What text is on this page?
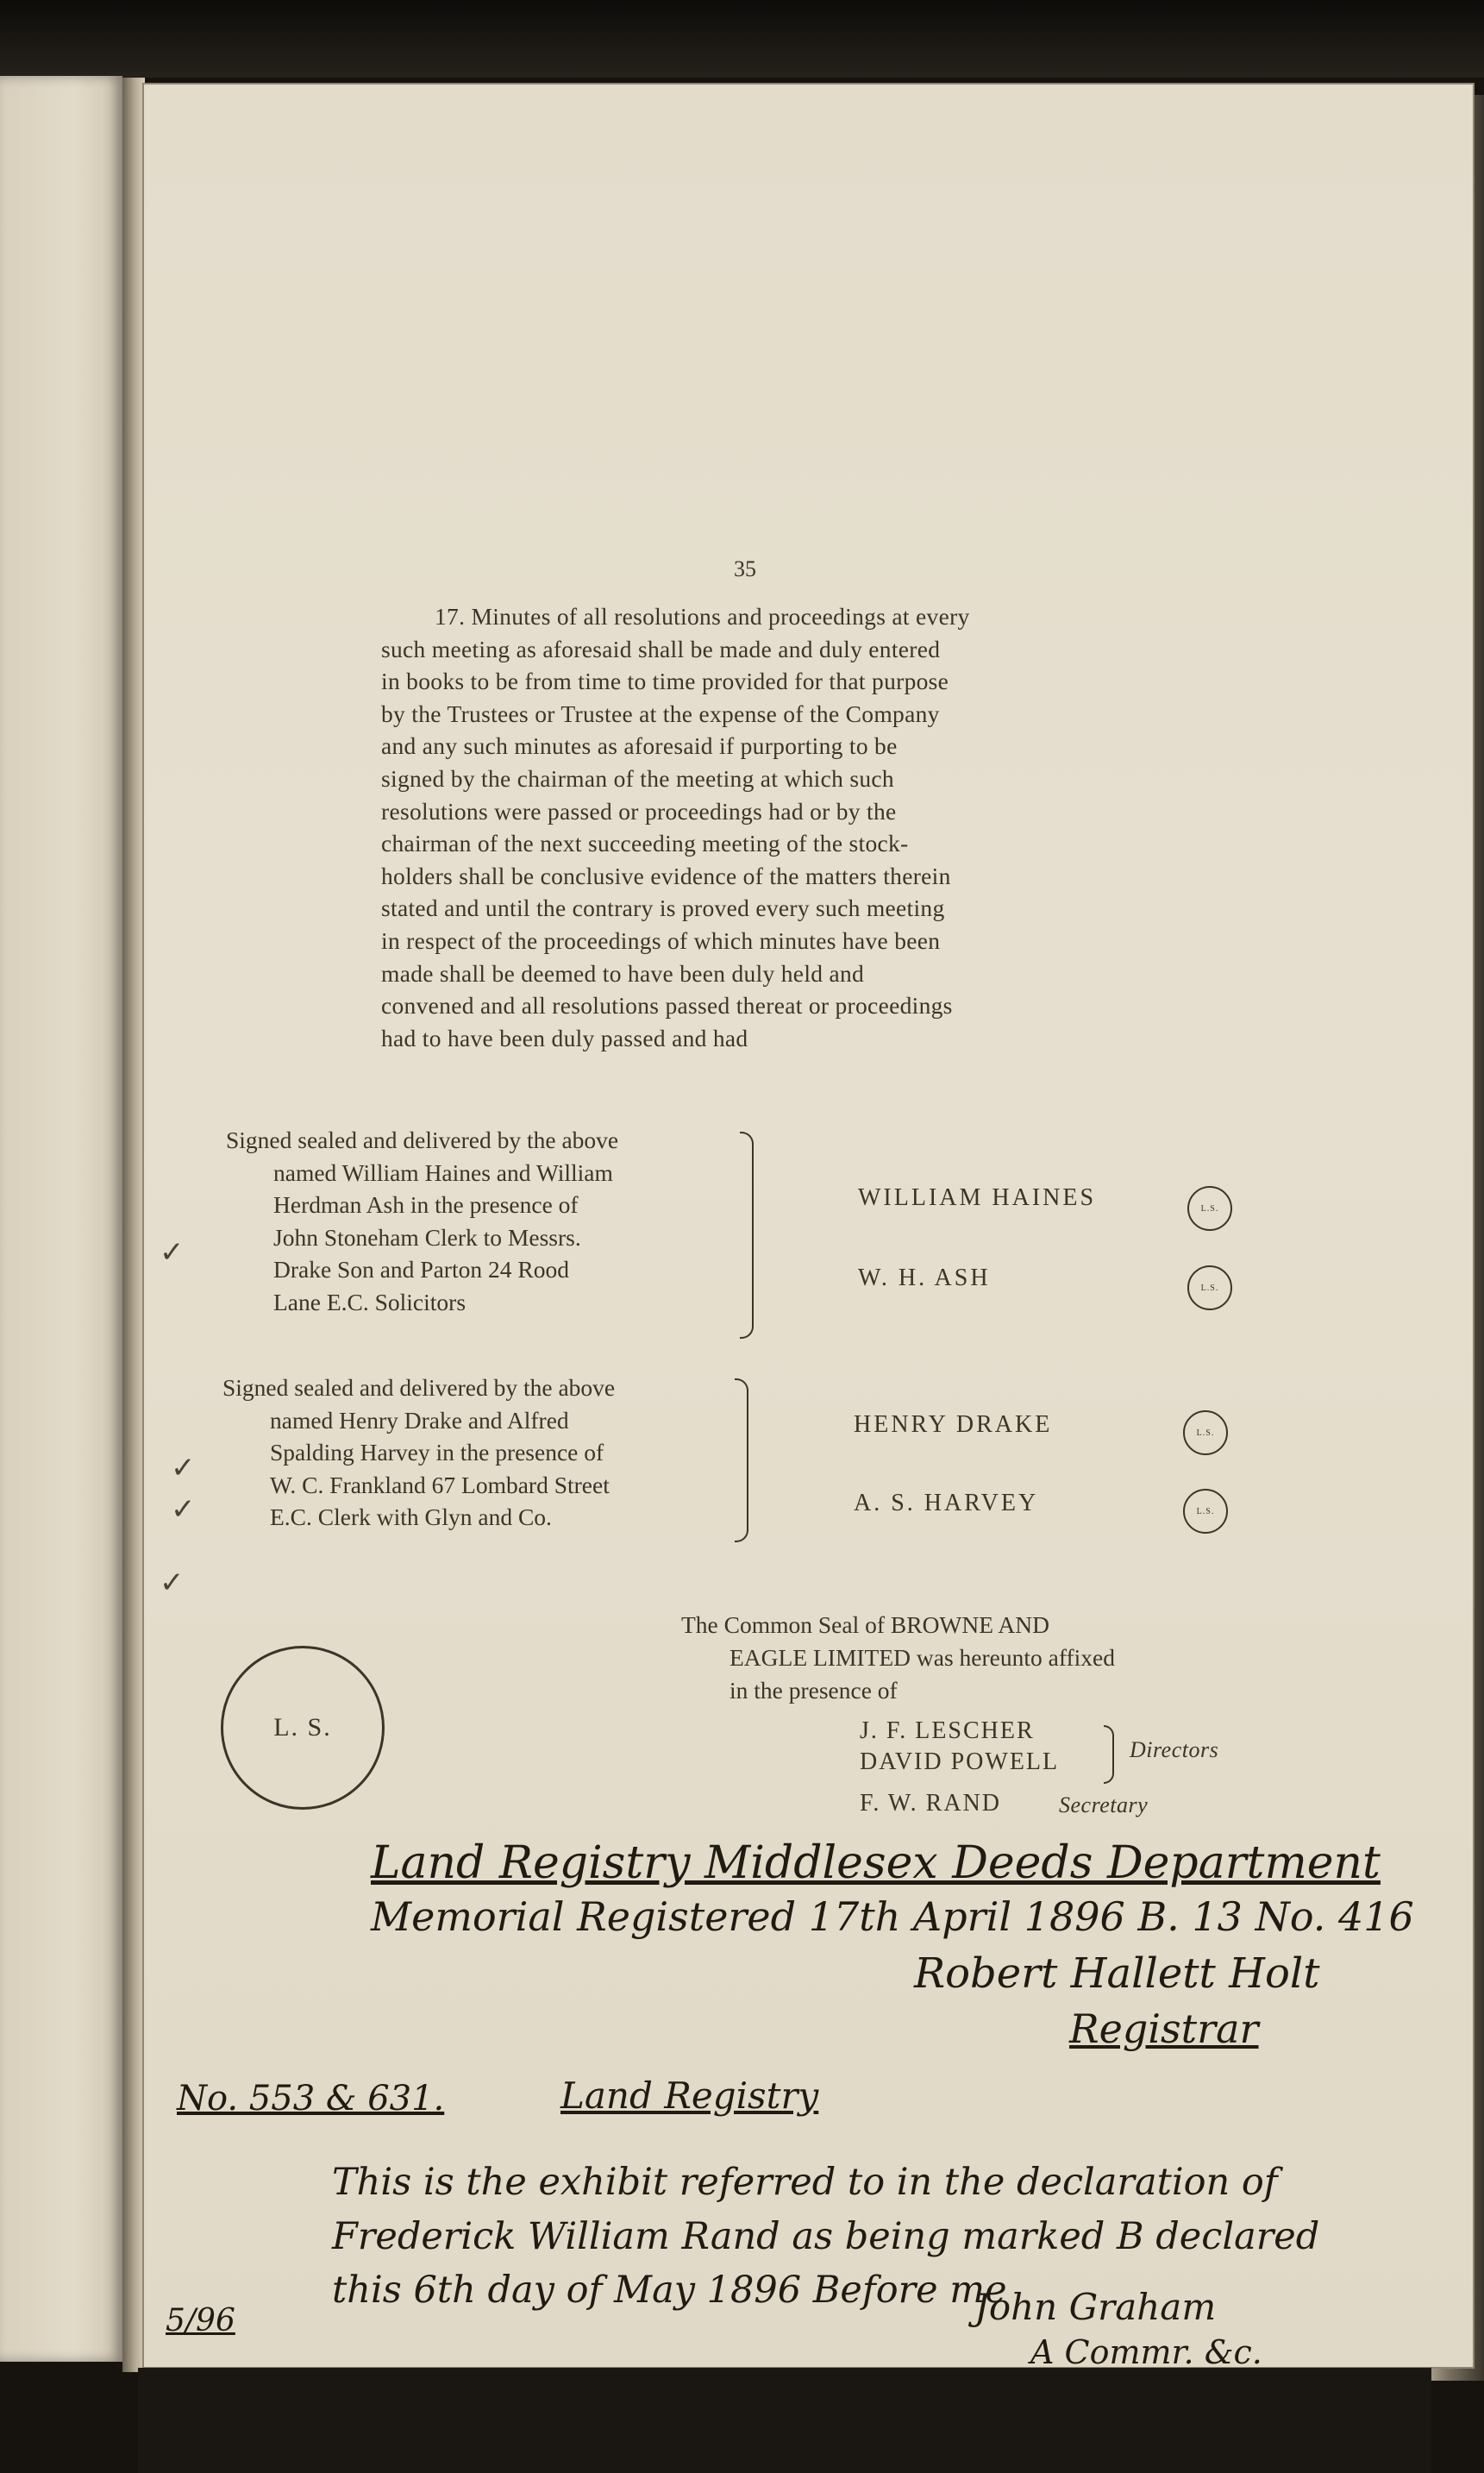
35
17. Minutes of all resolutions and proceedings at every
such meeting as aforesaid shall be made and duly entered
in books to be from time to time provided for that purpose
by the Trustees or Trustee at the expense of the Company
and any such minutes as aforesaid if purporting to be
signed by the chairman of the meeting at which such
resolutions were passed or proceedings had or by the
chairman of the next succeeding meeting of the stock-
holders shall be conclusive evidence of the matters therein
stated and until the contrary is proved every such meeting
in respect of the proceedings of which minutes have been
made shall be deemed to have been duly held and
convened and all resolutions passed thereat or proceedings
had to have been duly passed and had
Signed sealed and delivered by the above
named William Haines and William
Herdman Ash in the presence of
John Stoneham Clerk to Messrs.
Drake Son and Parton 24 Rood
Lane E.C. Solicitors
WILLIAM HAINES
W. H. ASH
L.S.
L.S.
Signed sealed and delivered by the above
named Henry Drake and Alfred
Spalding Harvey in the presence of
W. C. Frankland 67 Lombard Street
E.C. Clerk with Glyn and Co.
HENRY DRAKE
A. S. HARVEY
L.S.
L.S.
L. S.
The Common Seal of BROWNE AND
EAGLE LIMITED was hereunto affixed
in the presence of
J. F. LESCHER
DAVID POWELL	Directors
F. W. RAND	Secretary
Land Registry Middlesex Deeds Department
Memorial Registered 17th April 1896 B. 13 No. 416
Robert Hallett Holt
Registrar
No. 553 & 631.	Land Registry
This is the exhibit referred to in the declaration of
Frederick William Rand as being marked B declared
this 6th day of May 1896 Before me
John Graham
A Commr. &c.
5/96
✓
✓
✓
✓
